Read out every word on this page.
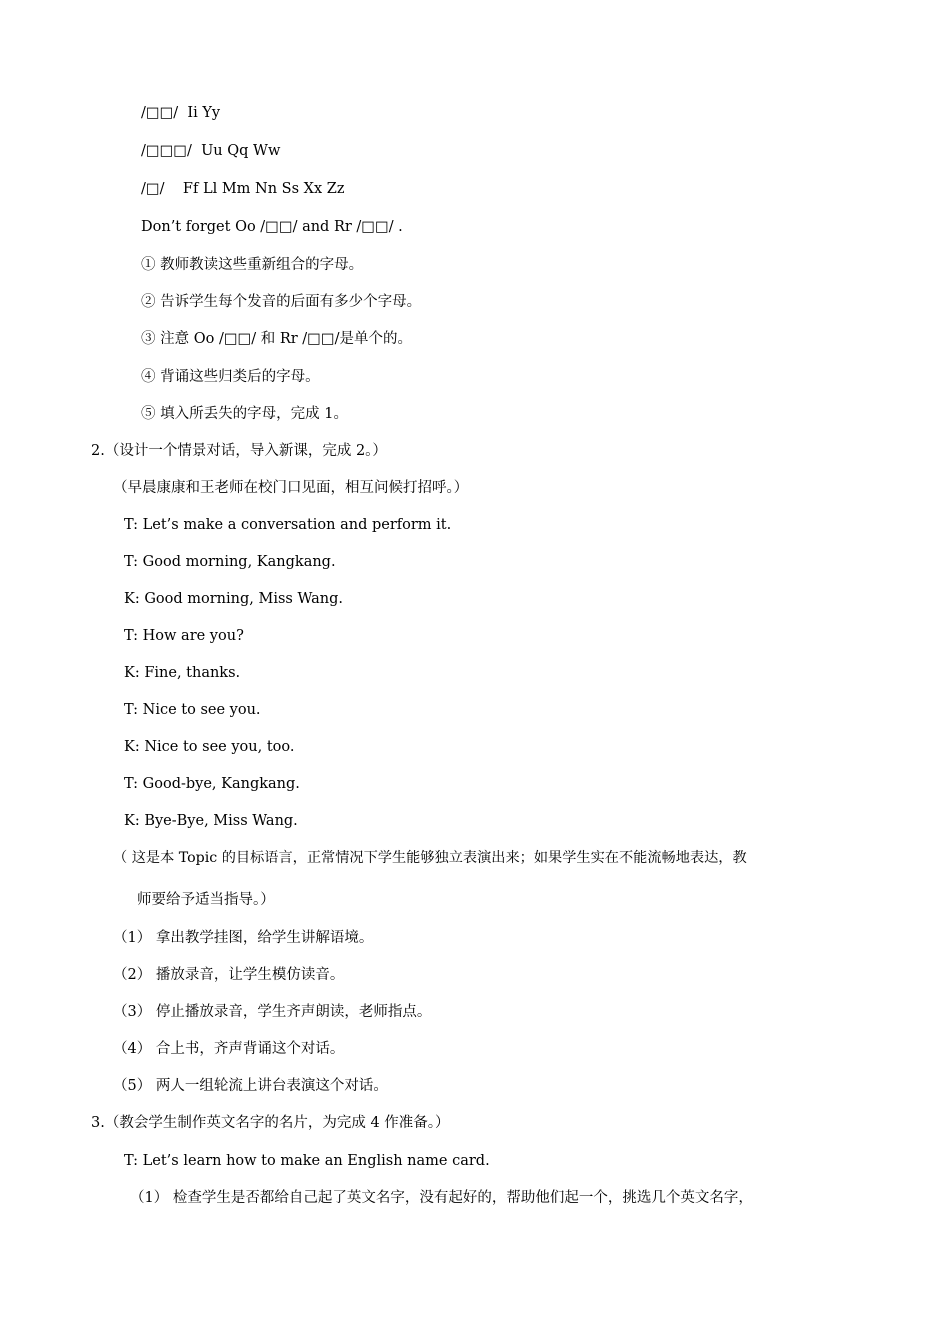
/□□/  Ii Yy
/□□□/  Uu Qq Ww
/□/    Ff Ll Mm Nn Ss Xx Zz
Don’t forget Oo /□□/ and Rr /□□/ .
① 教师教读这些重新组合的字母。
② 告诉学生每个发音的后面有多少个字母。
③ 注意 Oo /□□/ 和 Rr /□□/是单个的。
④ 背诵这些归类后的字母。
⑤ 填入所丢失的字母，完成 1。
2.（设计一个情景对话，导入新课，完成 2。）
（早晨康康和王老师在校门口见面，相互问候打招呼。）
T: Let’s make a conversation and perform it.
T: Good morning, Kangkang.
K: Good morning, Miss Wang.
T: How are you?
K: Fine, thanks.
T: Nice to see you.
K: Nice to see you, too.
T: Good-bye, Kangkang.
K: Bye-Bye, Miss Wang.
（ 这是本 Topic 的目标语言，正常情况下学生能够独立表演出来；如果学生实在不能流畅地表达，教
师要给予适当指导。）
（1） 拿出教学挂图，给学生讲解语境。
（2） 播放录音，让学生模仿读音。
（3） 停止播放录音，学生齐声朗读，老师指点。
（4） 合上书，齐声背诵这个对话。
（5） 两人一组轮流上讲台表演这个对话。
3.（教会学生制作英文名字的名片，为完成 4 作准备。）
T: Let’s learn how to make an English name card.
（1） 检查学生是否都给自己起了英文名字，没有起好的，帮助他们起一个，挑选几个英文名字，
